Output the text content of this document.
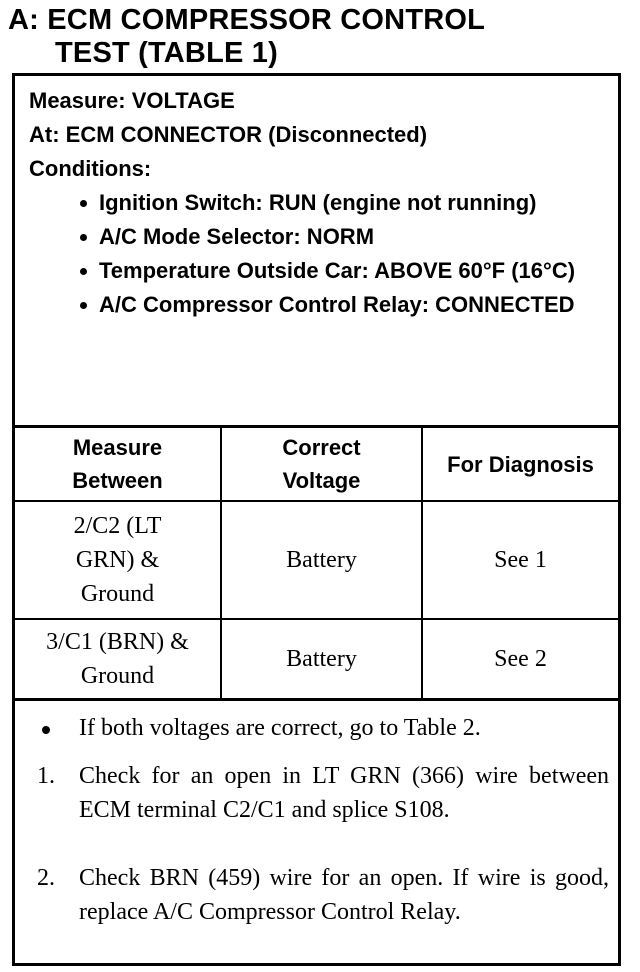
A: ECM COMPRESSOR CONTROL
TEST (TABLE 1)
Measure: VOLTAGE
At: ECM CONNECTOR (Disconnected)
Conditions:
Ignition Switch: RUN (engine not running)
A/C Mode Selector: NORM
Temperature Outside Car: ABOVE 60°F (16°C)
A/C Compressor Control Relay: CONNECTED
Measure Between
Correct Voltage
For Diagnosis
2/C2 (LT GRN) & Ground
Battery	See 1
3/C1 (BRN) & Ground
Battery	See 2
If both voltages are correct, go to Table 2.
1. Check for an open in LT GRN (366) wire between ECM terminal C2/C1 and splice S108.
2. Check BRN (459) wire for an open. If wire is good, replace A/C Compressor Control Relay.
